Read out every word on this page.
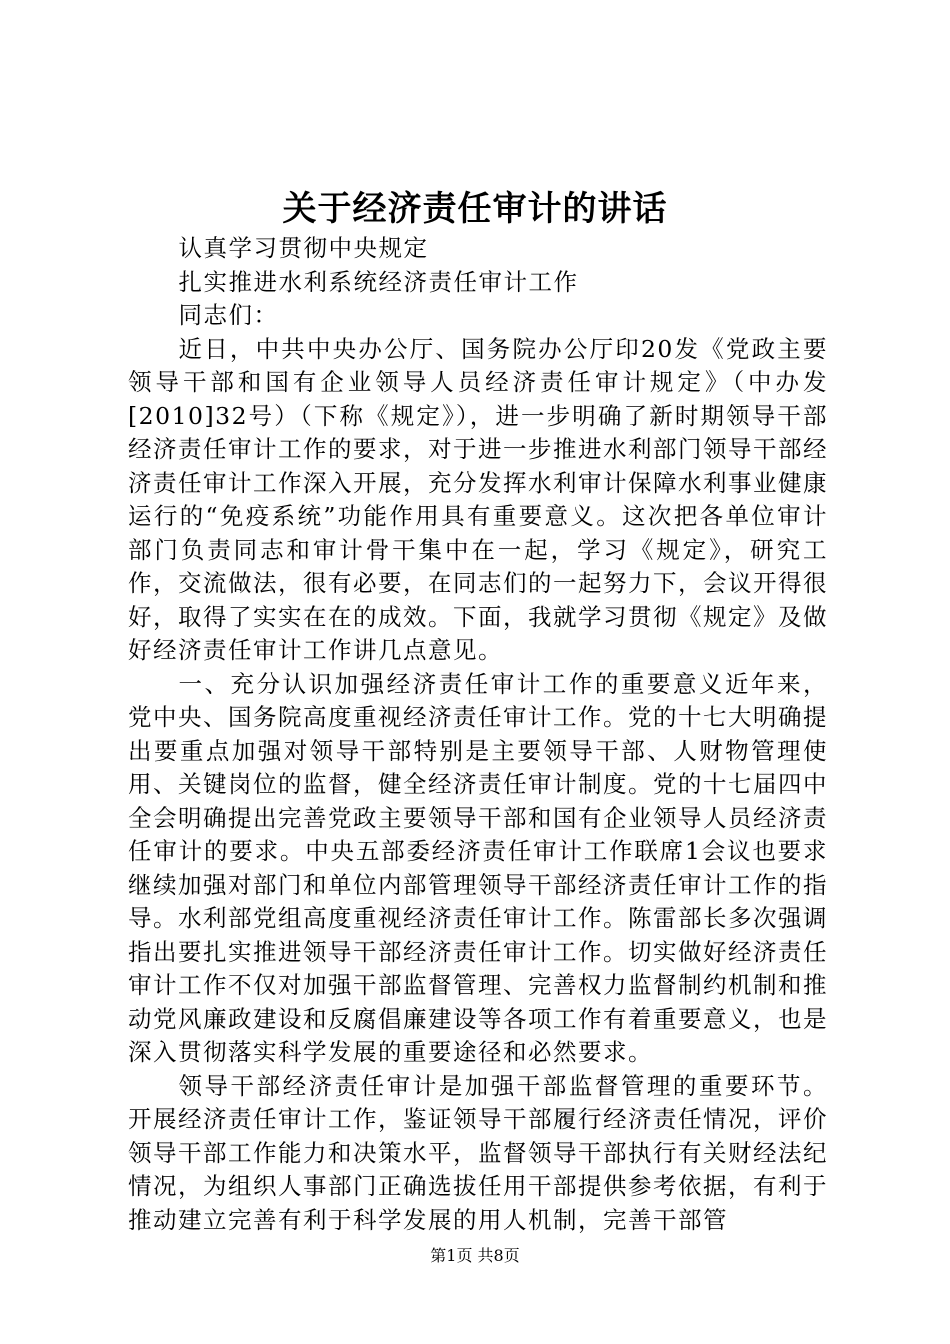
关于经济责任审计的讲话

认真学习贯彻中央规定

扎实推进水利系统经济责任审计工作

同志们：

近日，中共中央办公厅、国务院办公厅印20发《党政主要领导干部和国有企业领导人员经济责任审计规定》（中办发[2010]32号）（下称《规定》），进一步明确了新时期领导干部经济责任审计工作的要求，对于进一步推进水利部门领导干部经济责任审计工作深入开展，充分发挥水利审计保障水利事业健康运行的“免疫系统”功能作用具有重要意义。这次把各单位审计部门负责同志和审计骨干集中在一起，学习《规定》，研究工作，交流做法，很有必要，在同志们的一起努力下，会议开得很好，取得了实实在在的成效。下面，我就学习贯彻《规定》及做好经济责任审计工作讲几点意见。

一、充分认识加强经济责任审计工作的重要意义近年来，党中央、国务院高度重视经济责任审计工作。党的十七大明确提出要重点加强对领导干部特别是主要领导干部、人财物管理使用、关键岗位的监督，健全经济责任审计制度。党的十七届四中全会明确提出完善党政主要领导干部和国有企业领导人员经济责任审计的要求。中央五部委经济责任审计工作联席1会议也要求继续加强对部门和单位内部管理领导干部经济责任审计工作的指导。水利部党组高度重视经济责任审计工作。陈雷部长多次强调指出要扎实推进领导干部经济责任审计工作。切实做好经济责任审计工作不仅对加强干部监督管理、完善权力监督制约机制和推动党风廉政建设和反腐倡廉建设等各项工作有着重要意义，也是深入贯彻落实科学发展的重要途径和必然要求。

领导干部经济责任审计是加强干部监督管理的重要环节。开展经济责任审计工作，鉴证领导干部履行经济责任情况，评价领导干部工作能力和决策水平，监督领导干部执行有关财经法纪情况，为组织人事部门正确选拔任用干部提供参考依据，有利于推动建立完善有利于科学发展的用人机制，完善干部管

第1页 共8页
